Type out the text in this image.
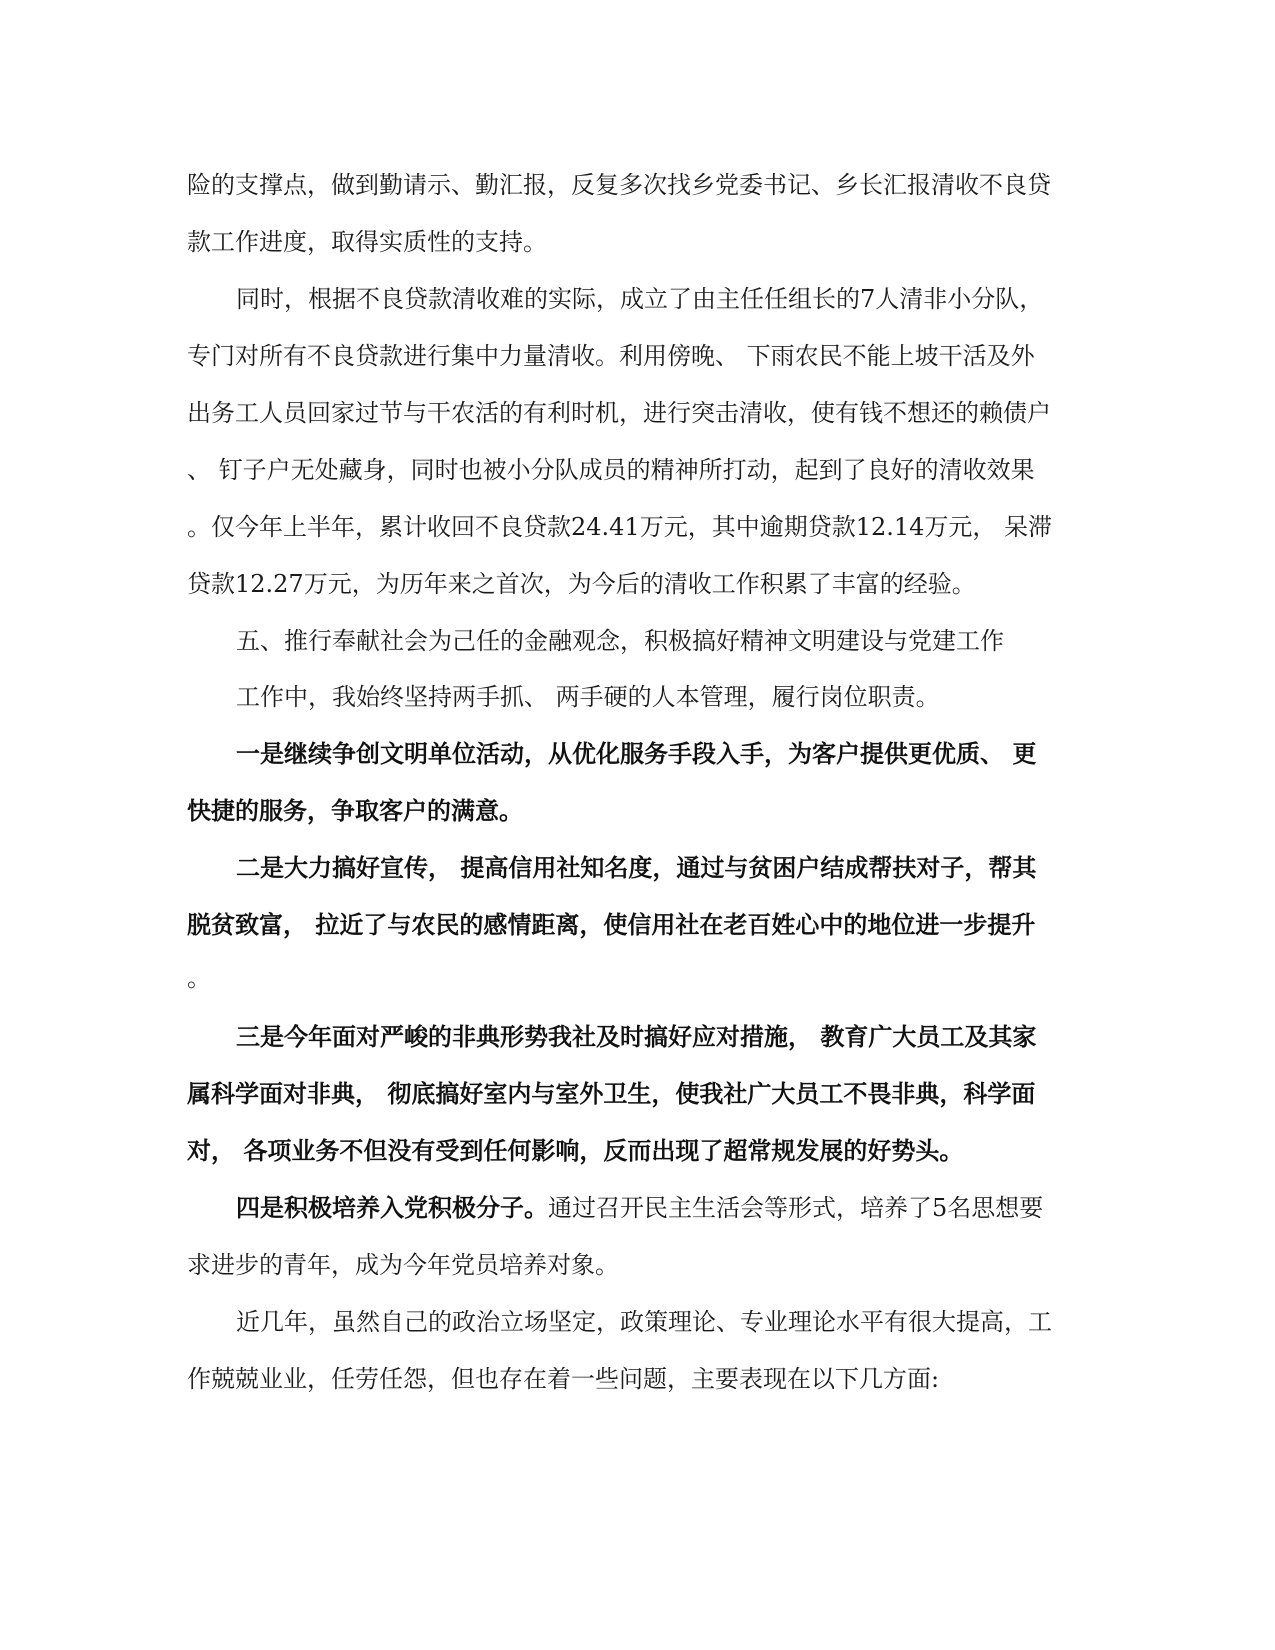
险的支撑点，做到勤请示、勤汇报，反复多次找乡党委书记、乡长汇报清收不良贷
款工作进度，取得实质性的支持。
同时，根据不良贷款清收难的实际，成立了由主任任组长的7人清非小分队，
专门对所有不良贷款进行集中力量清收。利用傍晚、 下雨农民不能上坡干活及外
出务工人员回家过节与干农活的有利时机，进行突击清收，使有钱不想还的赖债户
、 钉子户无处藏身，同时也被小分队成员的精神所打动，起到了良好的清收效果
。仅今年上半年，累计收回不良贷款24.41万元，其中逾期贷款12.14万元， 呆滞
贷款12.27万元，为历年来之首次，为今后的清收工作积累了丰富的经验。
五、推行奉献社会为己任的金融观念，积极搞好精神文明建设与党建工作
工作中，我始终坚持两手抓、 两手硬的人本管理，履行岗位职责。
一是继续争创文明单位活动，从优化服务手段入手，为客户提供更优质、 更
快捷的服务，争取客户的满意。
二是大力搞好宣传， 提高信用社知名度，通过与贫困户结成帮扶对子，帮其
脱贫致富， 拉近了与农民的感情距离，使信用社在老百姓心中的地位进一步提升
。
三是今年面对严峻的非典形势我社及时搞好应对措施， 教育广大员工及其家
属科学面对非典， 彻底搞好室内与室外卫生，使我社广大员工不畏非典，科学面
对， 各项业务不但没有受到任何影响，反而出现了超常规发展的好势头。
四是积极培养入党积极分子。通过召开民主生活会等形式，培养了5名思想要
求进步的青年，成为今年党员培养对象。
近几年，虽然自己的政治立场坚定，政策理论、专业理论水平有很大提高，工
作兢兢业业，任劳任怨，但也存在着一些问题，主要表现在以下几方面:
